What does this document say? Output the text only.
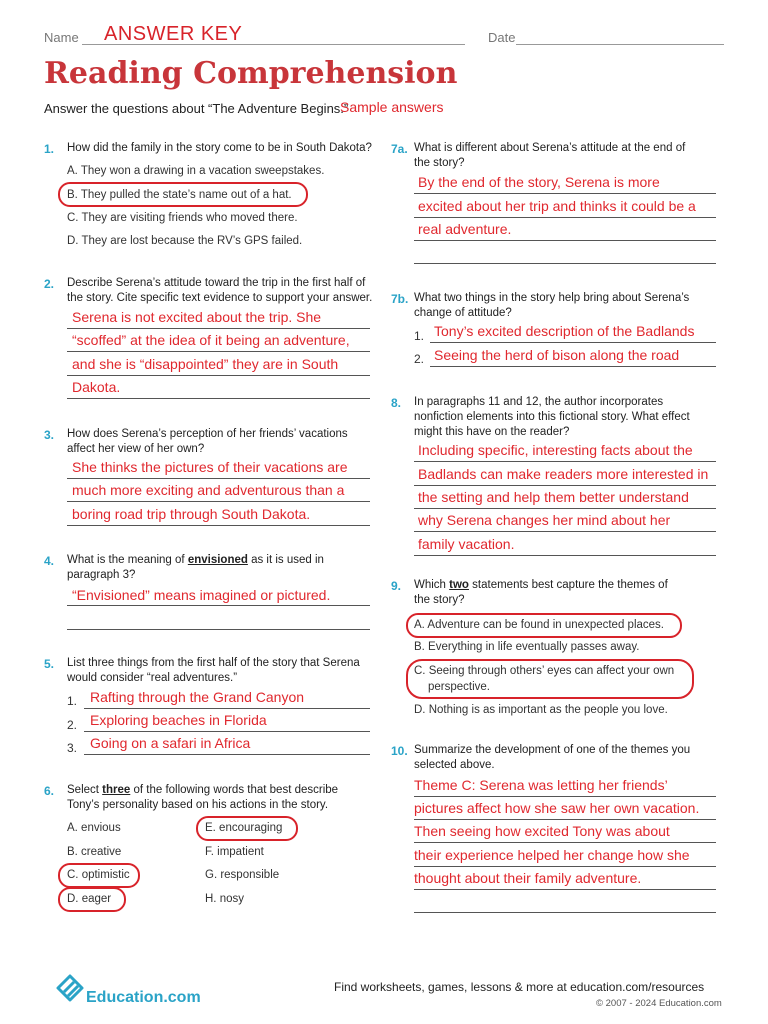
Name ANSWER KEY	Date
Reading Comprehension
Answer the questions about “The Adventure Begins.”
Sample answers
1. How did the family in the story come to be in South Dakota?
A. They won a drawing in a vacation sweepstakes.
B. They pulled the state’s name out of a hat.
C. They are visiting friends who moved there.
D. They are lost because the RV’s GPS failed.
2. Describe Serena’s attitude toward the trip in the first half of
the story. Cite specific text evidence to support your answer.
Serena is not excited about the trip. She
“scoffed” at the idea of it being an adventure,
and she is “disappointed” they are in South
Dakota.
3. How does Serena’s perception of her friends’ vacations
affect her view of her own?
She thinks the pictures of their vacations are
much more exciting and adventurous than a
boring road trip through South Dakota.
4. What is the meaning of envisioned as it is used in
paragraph 3?
“Envisioned” means imagined or pictured.
5. List three things from the first half of the story that Serena
would consider “real adventures.”
1. Rafting through the Grand Canyon
2. Exploring beaches in Florida
3. Going on a safari in Africa
6. Select three of the following words that best describe
Tony’s personality based on his actions in the story.
A. envious
B. creative
C. optimistic
D. eager
E. encouraging
F. impatient
G. responsible
H. nosy
7a. What is different about Serena’s attitude at the end of
the story?
By the end of the story, Serena is more
excited about her trip and thinks it could be a
real adventure.
7b. What two things in the story help bring about Serena’s
change of attitude?
1. Tony’s excited description of the Badlands
2. Seeing the herd of bison along the road
8. In paragraphs 11 and 12, the author incorporates
nonfiction elements into this fictional story. What effect
might this have on the reader?
Including specific, interesting facts about the
Badlands can make readers more interested in
the setting and help them better understand
why Serena changes her mind about her
family vacation.
9. Which two statements best capture the themes of
the story?
A. Adventure can be found in unexpected places.
B. Everything in life eventually passes away.
C. Seeing through others’ eyes can affect your own
perspective.
D. Nothing is as important as the people you love.
10. Summarize the development of one of the themes you
selected above.
Theme C: Serena was letting her friends’
pictures affect how she saw her own vacation.
Then seeing how excited Tony was about
their experience helped her change how she
thought about their family adventure.
Education.com
Find worksheets, games, lessons & more at education.com/resources
© 2007 - 2024 Education.com
